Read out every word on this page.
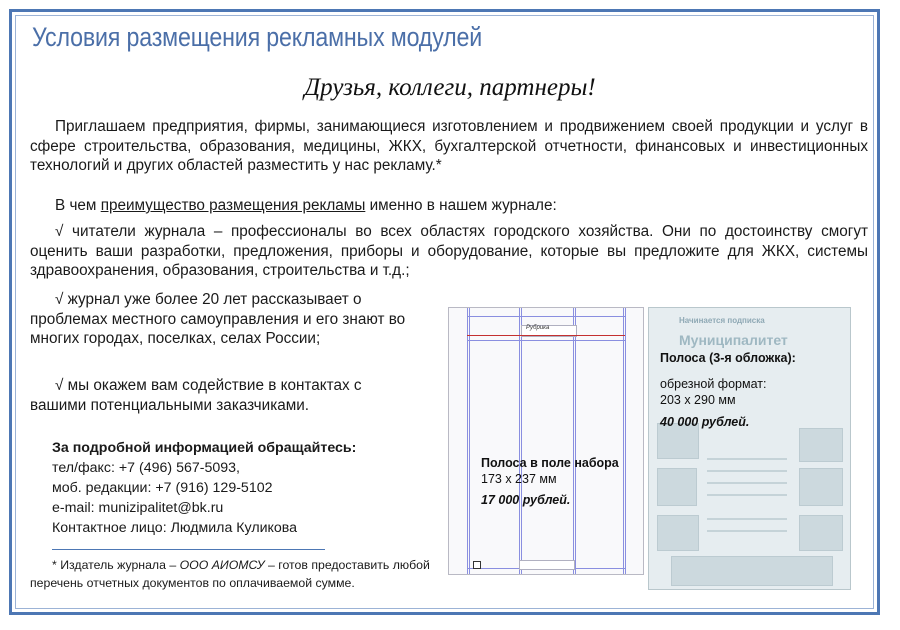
Условия размещения рекламных модулей
Друзья, коллеги, партнеры!
Приглашаем предприятия, фирмы, занимающиеся изготовлением и продвижением своей продукции и услуг в сфере строительства, образования, медицины, ЖКХ, бухгалтерской отчетности, финансовых и инвестиционных технологий и других областей разместить у нас рекламу.*
В чем преимущество размещения рекламы именно в нашем журнале:
√ читатели журнала – профессионалы во всех областях городского хозяйства. Они по достоинству смогут оценить ваши разработки, предложения, приборы и оборудование, которые вы предложите для ЖКХ, системы здравоохранения, образования, строительства и т.д.;
√ журнал уже более 20 лет рассказывает о проблемах местного самоуправления и его знают во многих городах, поселках, селах России;
√ мы окажем вам содействие в контактах с вашими потенциальными заказчиками.
За подробной информацией обращайтесь:
тел/факс: +7 (496) 567-5093,
моб. редакции: +7 (916) 129-5102
e-mail: munizipalitet@bk.ru
Контактное лицо: Людмила Куликова
* Издатель журнала – ООО АИОМСУ – готов предоставить любой перечень отчетных документов по оплачиваемой сумме.
Рубрика
Полоса в поле набора
173 х 237 мм
17 000 рублей.
Начинается подписка
Муниципалитет
Полоса (3-я обложка):
обрезной формат:
203 х 290 мм
40 000 рублей.
